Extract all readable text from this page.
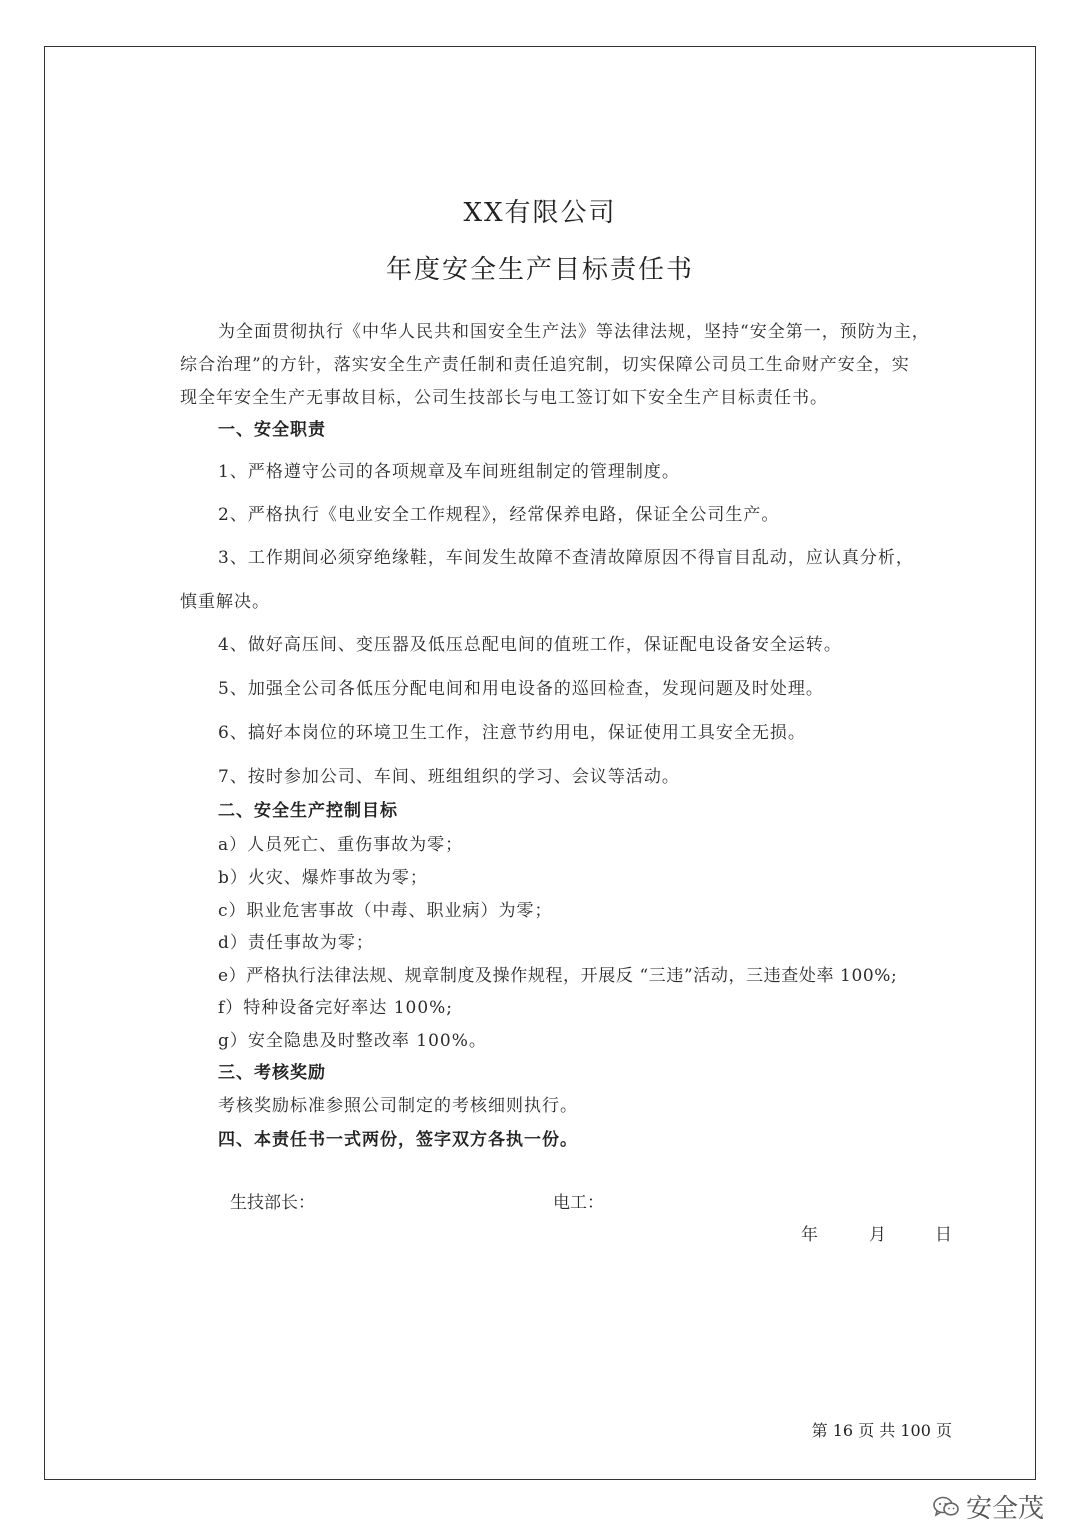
XX有限公司
年度安全生产目标责任书
为全面贯彻执行《中华人民共和国安全生产法》等法律法规，坚持“安全第一，预防为主，
综合治理”的方针，落实安全生产责任制和责任追究制，切实保障公司员工生命财产安全，实
现全年安全生产无事故目标，公司生技部长与电工签订如下安全生产目标责任书。
一、安全职责
1、严格遵守公司的各项规章及车间班组制定的管理制度。
2、严格执行《电业安全工作规程》，经常保养电路，保证全公司生产。
3、工作期间必须穿绝缘鞋，车间发生故障不查清故障原因不得盲目乱动，应认真分析，
慎重解决。
4、做好高压间、变压器及低压总配电间的值班工作，保证配电设备安全运转。
5、加强全公司各低压分配电间和用电设备的巡回检查，发现问题及时处理。
6、搞好本岗位的环境卫生工作，注意节约用电，保证使用工具安全无损。
7、按时参加公司、车间、班组组织的学习、会议等活动。
二、安全生产控制目标
a）人员死亡、重伤事故为零；
b）火灾、爆炸事故为零；
c）职业危害事故（中毒、职业病）为零；
d）责任事故为零；
e）严格执行法律法规、规章制度及操作规程，开展反 “三违”活动，三违查处率 100%;
f）特种设备完好率达 100%;
g）安全隐患及时整改率 100%。
三、考核奖励
考核奖励标准参照公司制定的考核细则执行。
四、本责任书一式两份，签字双方各执一份。
生技部长：	电工：
年	月	日
第 16 页 共 100 页
安全茂
